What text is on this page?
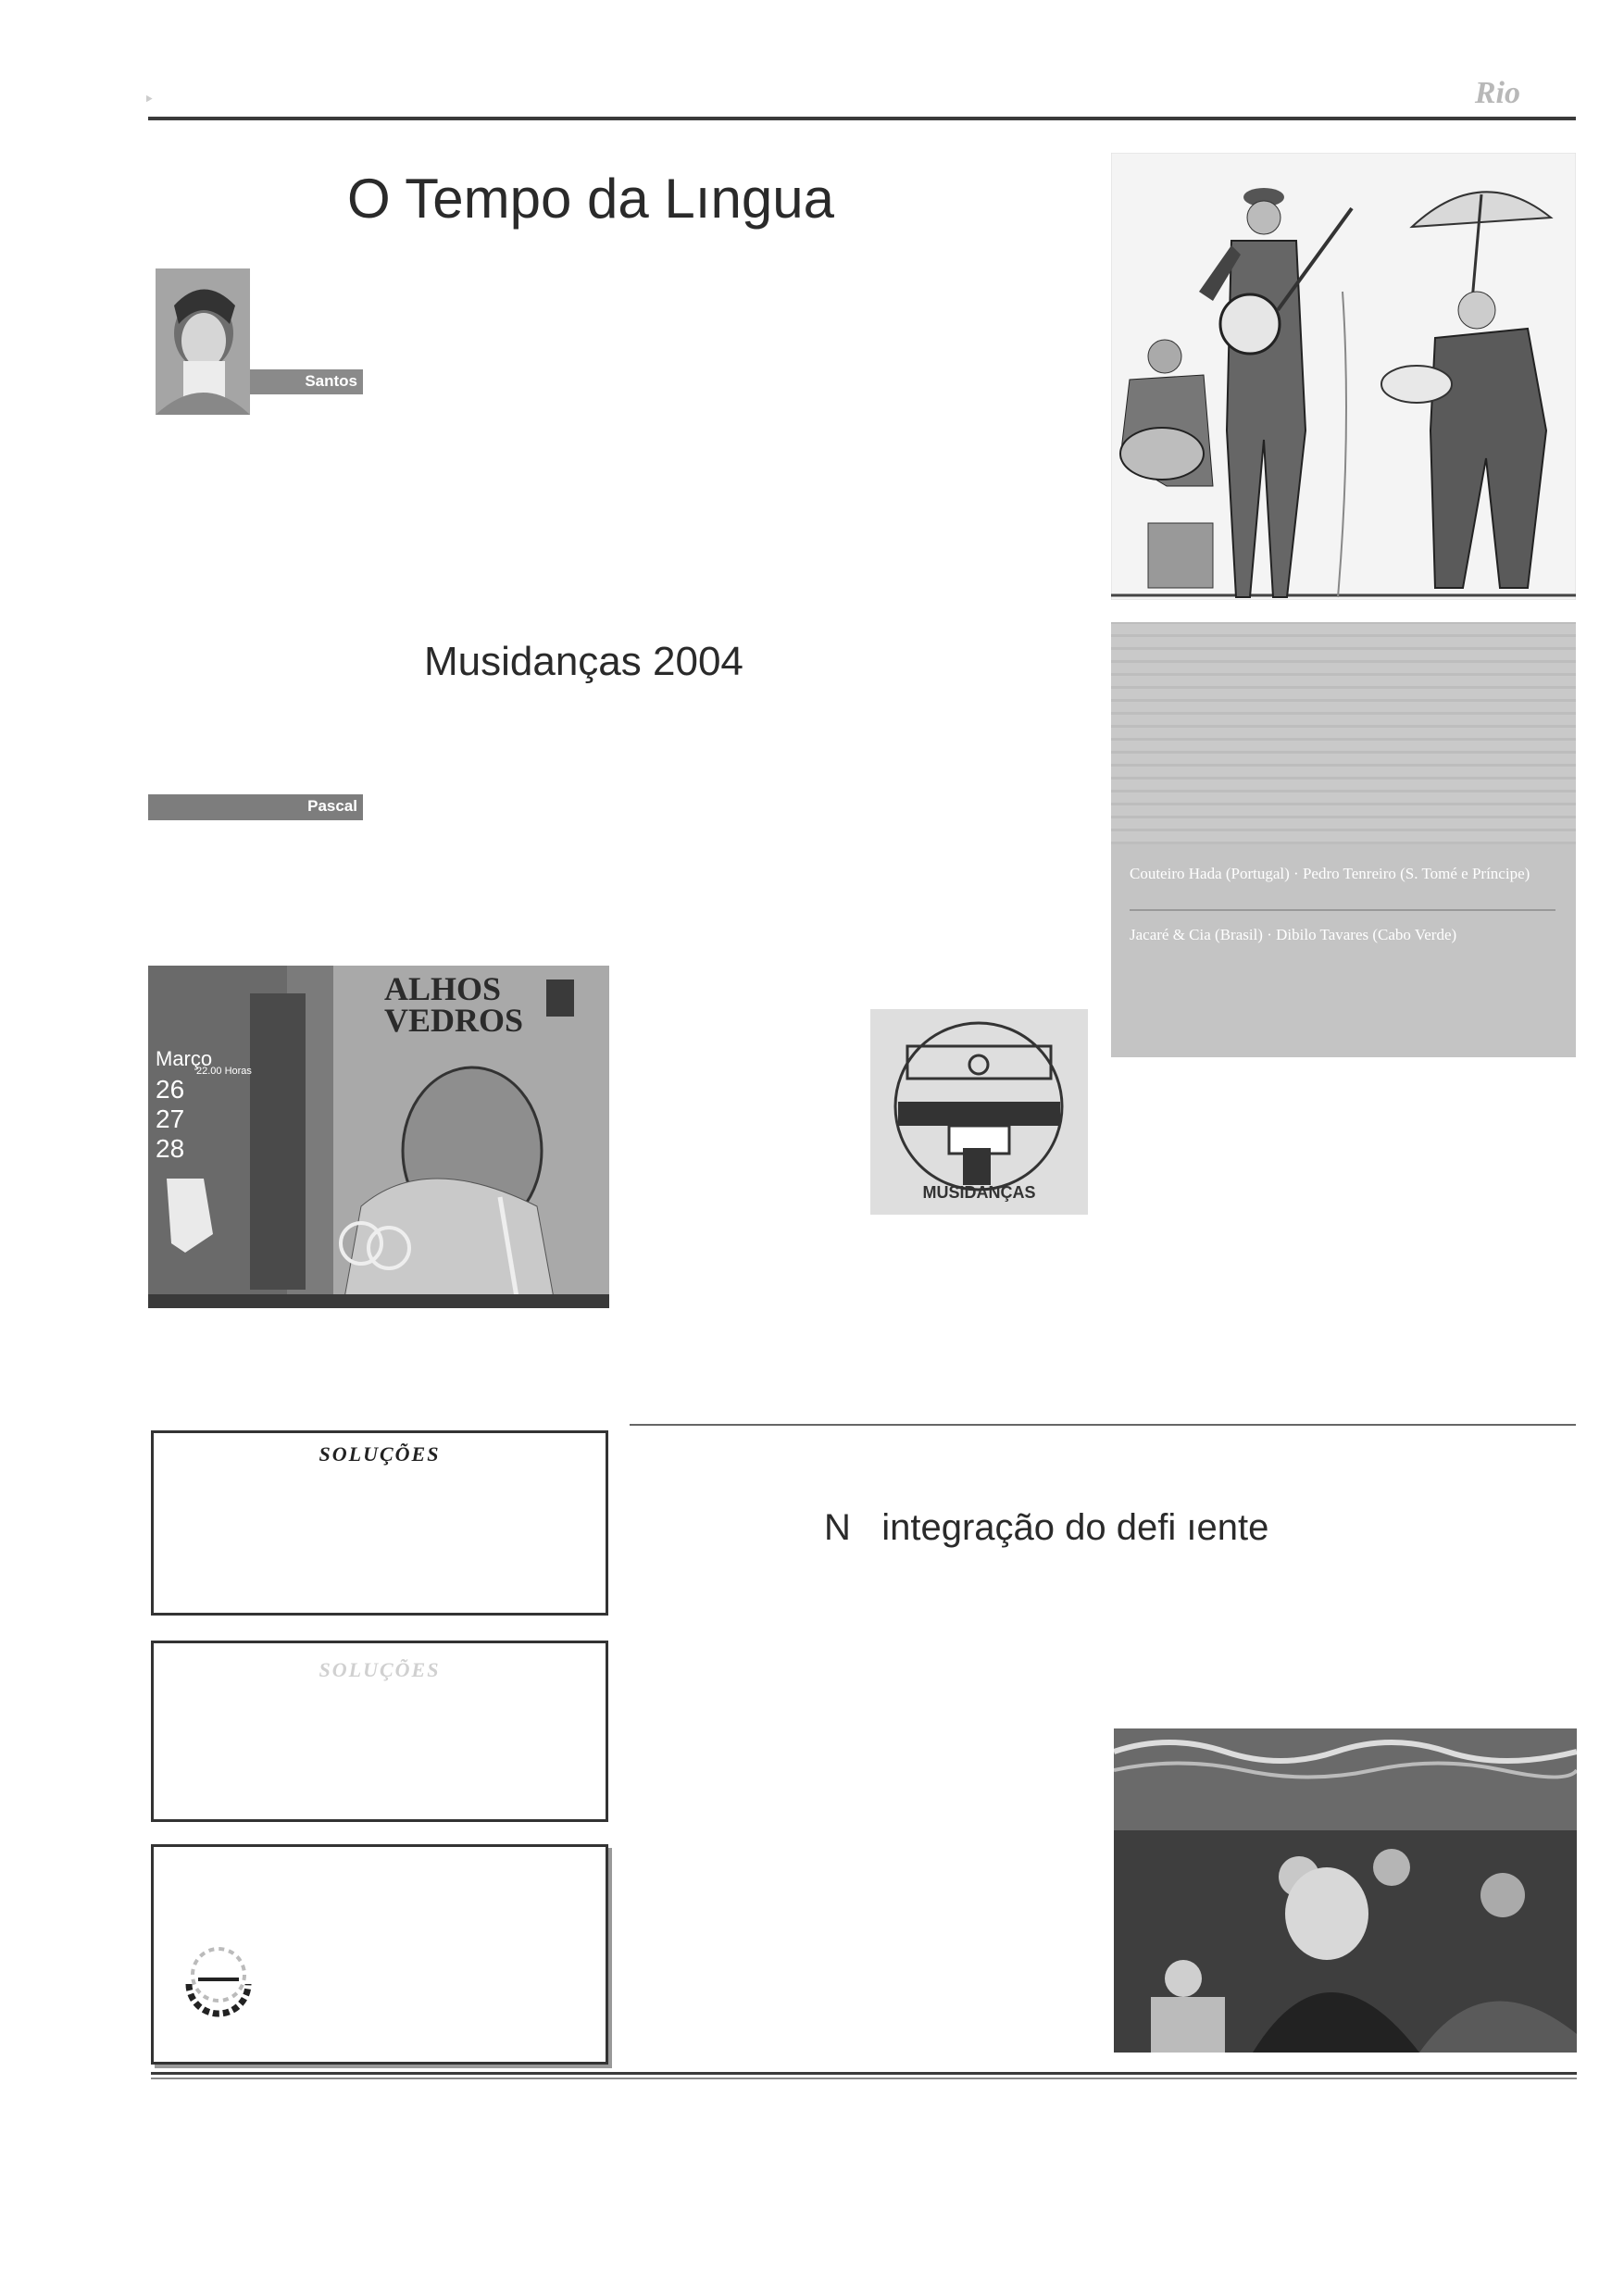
‣	Rio
O Tempo da Lıngua
Santos
Musidanças 2004
Pascal
ALHOS
VEDROS
Março
22.00 Horas
26
27
28
MUSIDANÇAS
Couteiro Hada (Portugal) · Pedro Tenreiro (S. Tomé e Príncipe)
Jacaré & Cia (Brasil) · Dibilo Tavares (Cabo Verde)
SOLUÇÕES
SOLUÇÕES
N   integração do defi ıente
